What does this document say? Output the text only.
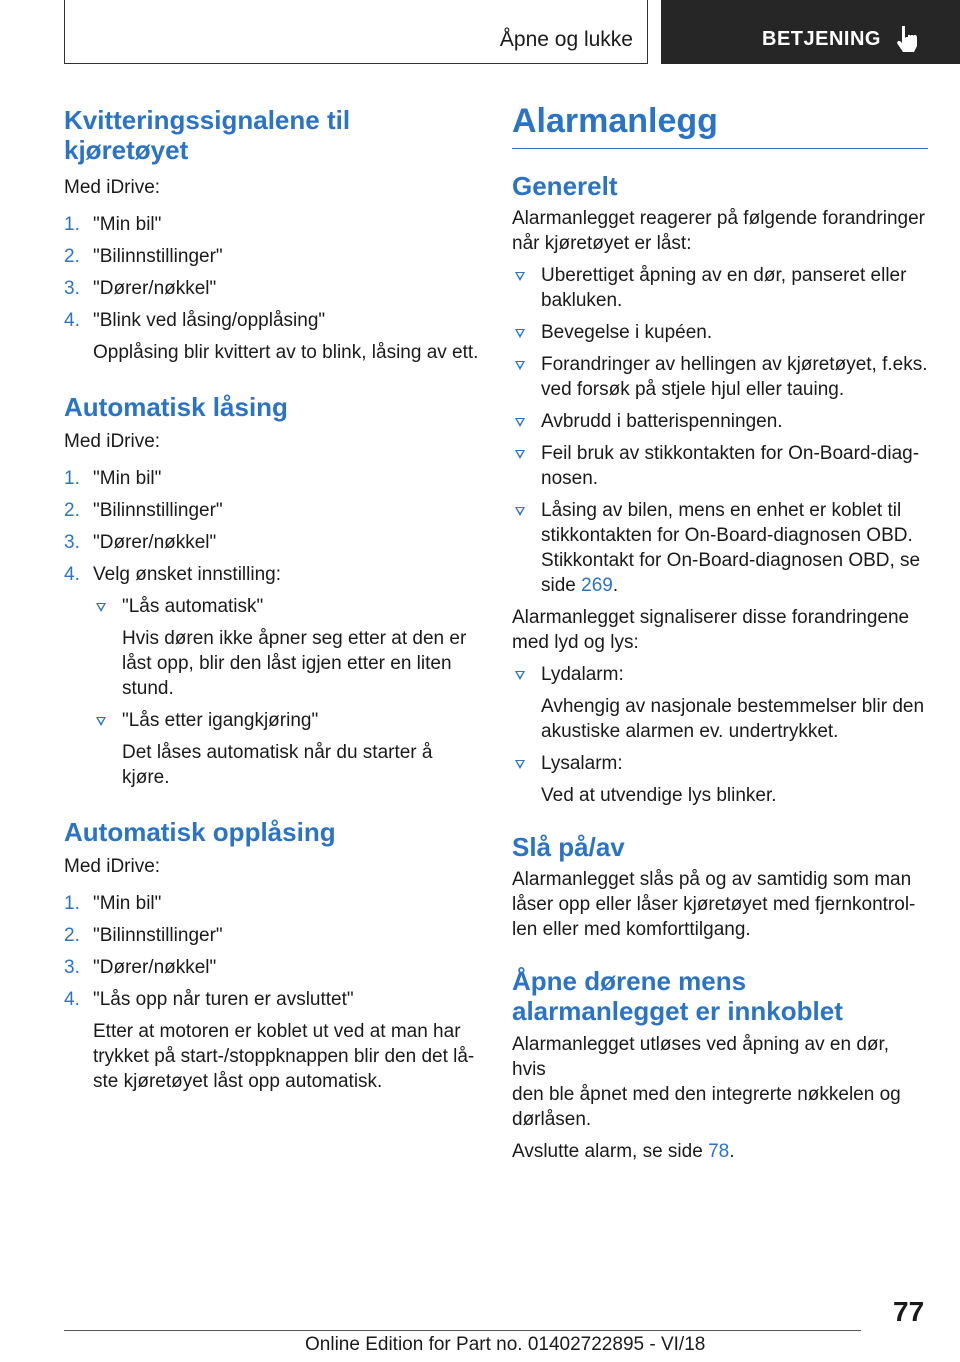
Åpne og lukke	BETJENING
Kvitteringssignalene til
kjøretøyet

Med iDrive:

1. "Min bil"
2. "Bilinnstillinger"
3. "Dører/nøkkel"
4. "Blink ved låsing/opplåsing"

Opplåsing blir kvittert av to blink, låsing av ett.

Automatisk låsing

Med iDrive:

1. "Min bil"
2. "Bilinnstillinger"
3. "Dører/nøkkel"
4. Velg ønsket innstilling:
"Lås automatisk"
Hvis døren ikke åpner seg etter at den er
låst opp, blir den låst igjen etter en liten
stund.
"Lås etter igangkjøring"
Det låses automatisk når du starter å
kjøre.
Automatisk opplåsing

Med iDrive:

1. "Min bil"
2. "Bilinnstillinger"
3. "Dører/nøkkel"
4. "Lås opp når turen er avsluttet"

Etter at motoren er koblet ut ved at man har
trykket på start-/stoppknappen blir den det lå-
ste kjøretøyet låst opp automatisk.

Alarmanlegg
Generelt

Alarmanlegget reagerer på følgende forandringer
når kjøretøyet er låst:

Uberettiget åpning av en dør, panseret eller
bakluken.
Bevegelse i kupéen.
Forandringer av hellingen av kjøretøyet, f.eks.
ved forsøk på stjele hjul eller tauing.
Avbrudd i batterispenningen.
Feil bruk av stikkontakten for On-Board-diag-
nosen.
Låsing av bilen, mens en enhet er koblet til
stikkontakten for On-Board-diagnosen OBD.
Stikkontakt for On-Board-diagnosen OBD, se
side 269.

Alarmanlegget signaliserer disse forandringene
med lyd og lys:

Lydalarm:
Avhengig av nasjonale bestemmelser blir den
akustiske alarmen ev. undertrykket.
Lysalarm:
Ved at utvendige lys blinker.
Slå på/av

Alarmanlegget slås på og av samtidig som man
låser opp eller låser kjøretøyet med fjernkontrol-
len eller med komforttilgang.

Åpne dørene mens
alarmanlegget er innkoblet

Alarmanlegget utløses ved åpning av en dør, hvis
den ble åpnet med den integrerte nøkkelen og
dørlåsen.

Avslutte alarm, se side 78.

77
Online Edition for Part no. 01402722895 - VI/18
